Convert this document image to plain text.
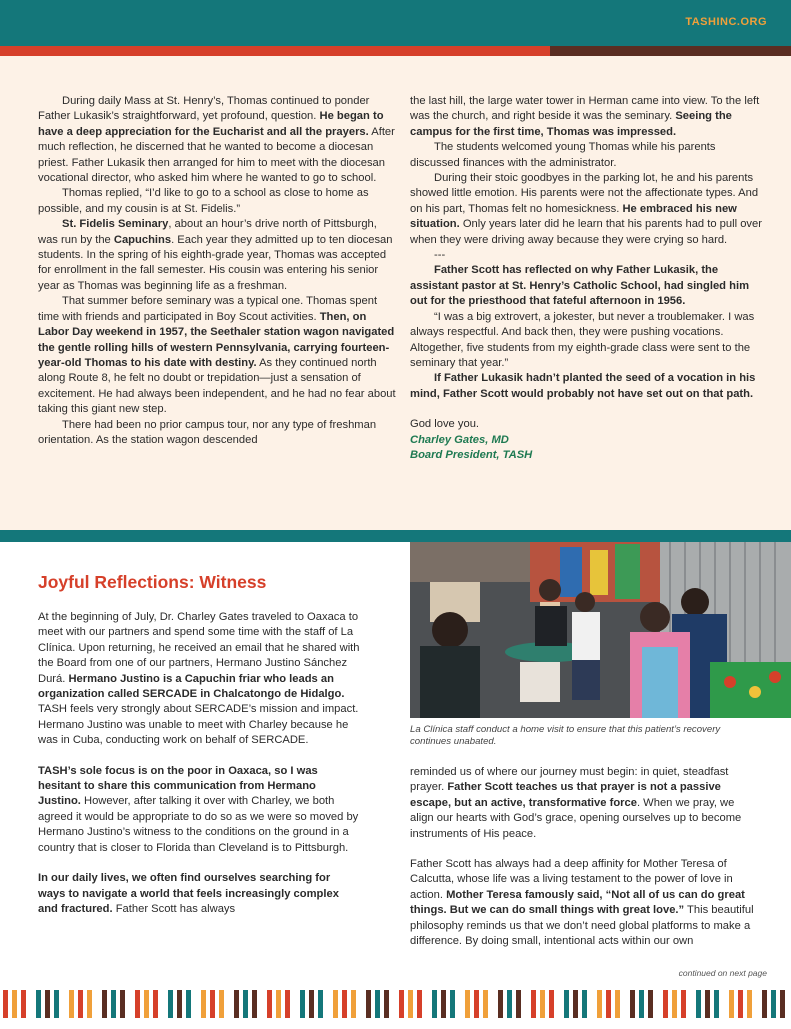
TASHINC.ORG

During daily Mass at St. Henry’s, Thomas continued to ponder Father Lukasik’s straightforward, yet profound, question. He began to have a deep appreciation for the Eucharist and all the prayers. After much reflection, he discerned that he wanted to become a diocesan priest. Father Lukasik then arranged for him to meet with the diocesan vocational director, who asked him where he wanted to go to school.

Thomas replied, “I’d like to go to a school as close to home as possible, and my cousin is at St. Fidelis.”

St. Fidelis Seminary, about an hour’s drive north of Pittsburgh, was run by the Capuchins. Each year they admitted up to ten diocesan students. In the spring of his eighth-grade year, Thomas was accepted for enrollment in the fall semester. His cousin was entering his senior year as Thomas was beginning life as a freshman.

That summer before seminary was a typical one. Thomas spent time with friends and participated in Boy Scout activities. Then, on Labor Day weekend in 1957, the Seethaler station wagon navigated the gentle rolling hills of western Pennsylvania, carrying fourteen-year-old Thomas to his date with destiny. As they continued north along Route 8, he felt no doubt or trepidation—just a sensation of excitement. He had always been independent, and he had no fear about taking this giant new step.

There had been no prior campus tour, nor any type of freshman orientation. As the station wagon descended

the last hill, the large water tower in Herman came into view. To the left was the church, and right beside it was the seminary. Seeing the campus for the first time, Thomas was impressed.

The students welcomed young Thomas while his parents discussed finances with the administrator.

During their stoic goodbyes in the parking lot, he and his parents showed little emotion. His parents were not the affectionate types. And on his part, Thomas felt no homesickness. He embraced his new situation. Only years later did he learn that his parents had to pull over when they were driving away because they were crying so hard.

---

Father Scott has reflected on why Father Lukasik, the assistant pastor at St. Henry’s Catholic School, had singled him out for the priesthood that fateful afternoon in 1956.

“I was a big extrovert, a jokester, but never a troublemaker. I was always respectful. And back then, they were pushing vocations. Altogether, five students from my eighth-grade class were sent to the seminary that year.”

If Father Lukasik hadn’t planted the seed of a vocation in his mind, Father Scott would probably not have set out on that path.

God love you.

Charley Gates, MD

Board President, TASH

Joyful Reflections: Witness

At the beginning of July, Dr. Charley Gates traveled to Oaxaca to meet with our partners and spend some time with the staff of La Clínica. Upon returning, he received an email that he shared with the Board from one of our partners, Hermano Justino Sánchez Durá. Hermano Justino is a Capuchin friar who leads an organization called SERCADE in Chalcatongo de Hidalgo. TASH feels very strongly about SERCADE’s mission and impact. Hermano Justino was unable to meet with Charley because he was in Cuba, conducting work on behalf of SERCADE.

TASH’s sole focus is on the poor in Oaxaca, so I was hesitant to share this communication from Hermano Justino. However, after talking it over with Charley, we both agreed it would be appropriate to do so as we were so moved by Hermano Justino’s witness to the conditions on the ground in a country that is closer to Florida than Cleveland is to Pittsburgh.

In our daily lives, we often find ourselves searching for ways to navigate a world that feels increasingly complex and fractured. Father Scott has always

reminded us of where our journey must begin: in quiet, steadfast prayer. Father Scott teaches us that prayer is not a passive escape, but an active, transformative force. When we pray, we align our hearts with God’s grace, opening ourselves up to become instruments of His peace.

Father Scott has always had a deep affinity for Mother Teresa of Calcutta, whose life was a living testament to the power of love in action. Mother Teresa famously said, “Not all of us can do great things. But we can do small things with great love.” This beautiful philosophy reminds us that we don’t need global platforms to make a difference. By doing small, intentional acts within our own

La Clínica staff conduct a home visit to ensure that this patient’s recovery continues unabated.
continued on next page
